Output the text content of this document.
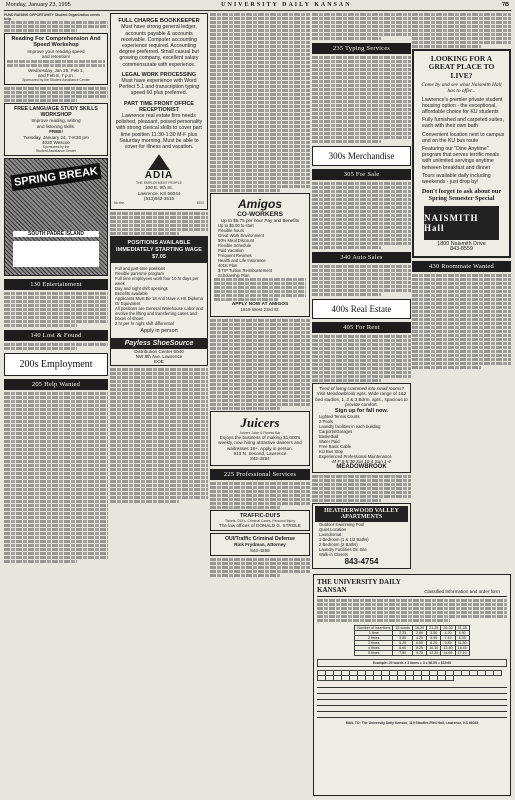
Monday, January 23, 1995	UNIVERSITY DAILY KANSAN	7B
FUND RAISING OPPORTUNITY Student Organization needs help.
Reading For Comprehension And Speed Workshop
Improve your reading speed
and retention!
Wednesday, Jan 25, Feb 1,
and Feb 8, 7 p.m.
Sponsored by the Student Assistance Center
FREE LANGUAGE STUDY SKILLS WORKSHOP
Improve reading, writing
and listening skills.
FREE!
Tuesday, January 24, 7-8:30 pm
4020 Wescoe
Sponsored by the
Student Assistance Center
SPRING BREAK
SOUTH PADRE ISLAND
130 Entertainment
140 Lost & Found
200s Employment
205 Help Wanted
FULL CHARGE BOOKKEEPER
Must have strong general ledger, accounts payable & accounts receivable. Computer accounting experience required. Accounting degree preferred. Small casual but growing company, excellent salary commensurate with experience.
LEGAL WORK PROCESSING
Must have experience with Word Perfect 5.1 and transcription typing speed 60 plus preferred.
PART TIME FRONT OFFICE RECEPTIONIST
Lawrence real estate firm needs polished, pleasant, poised personality with strong clerical skills to cover part time position 11:30-1:30 M-F plus Saturday morning. Must be able to cover for illness and vacation.
ADIA
THE EMPLOYMENT PEOPLE
100 E. 9th St.
Lawrence, KS 66044
(913)842-1515
No fee.	EEO
POSITIONS AVAILABLE IMMEDIATELY STARTING WAGE $7.05
Full and part-time positions
Flexible part-time program
Full time employees work four 10 hr days per week
Day and night shift openings
Benefits available
Applicants Must Be 18 And Have A HS Diploma Or Equivalent
All positions are General Warehouse Labor and involve the lifting and transferring cases and boxes of shoes
2 hr per hr night shift differential
Apply in person
Payless ShoeSource
Distribution Center 5040
NW 8th Ave. Lawrence
EOE
Amigos
CO-WORKERS
Up to $5.75 per hour Pay and Benefits
Up to $5.00 to start
Flexible hours
Great Work Environment
50% Meal Discount
Flexible Schedule
Paid Vacation
Frequent Reviews
Health and Life Insurance
401K Plan
$ TIP Tuition Reimbursement
Scholarship Plan
APPLY NOW AT AMIGOS
1819 West 23rd St.
Juicers
Juicers Juice & Fitness Bar
Enjoys the business of making $1,000's weekly, now hiring attractive dancers and waitresses 18+. Apply in person.
913 N. Second, Lawrence
842-3354
225 Professional Services
TRAFFIC-DUI'S
Tickets, DUI's, Criminal Cases, Personal Injury
The law offices of DONALD G. STROLE
OUI/Traffic Criminal Defense
Rick Frydman, Attorney
843-4258
235 Typing Services
300s Merchandise
305 For Sale
340 Auto Sales
400s Real Estate
405 For Rent
Tired of living crammed into small rooms?
Visit Meadowbrook Apts. Wide range of 1&2 bed studios, 1, 2 & 3 Bdrm. apts., spacious to provide comfort.
Sign up for fall now.
Lighted Tennis Courts
2 Pools
Laundry facilities in each building
Carports/Garages
Basketball
Water Paid
Free Basic Cable
KU Bus Stop
Experienced Professional Maintenance
M-F 8-5:30 Sat 10-4 Sun 1-4
MEADOWBROOK
HEATHERWOOD VALLEY APARTMENTS
Outdoor Swimming Pool
Quiet Location
Laundromat
1 Bedroom (1 & 1/2 Baths)
2 Bedroom (2 Baths)
Laundry Facilities On Site
Walk-in Closets
843-4754
LOOKING FOR A GREAT PLACE TO LIVE?
Come by and see what Naismith Hall has to offer...
Lawrence's premier private student housing option - the exceptional, affordable choice for KU students
Fully furnished and carpeted suites, each with their own bath
Convenient location next to campus and on the KU bus route
Featuring our "Dine Anytime" program that serves terrific meals with unlimited servings anytime between breakfast and dinner
Tours available daily including weekends - just drop by!
Don't forget to ask about our Spring Semester Special
NAISMITH Hall
1800 Naismith Drive
843-8559
430 Roommate Wanted
THE UNIVERSITY DAILY KANSAN	Classified Information and order form
Number of insertions	15 words	16-20	21-25	26-30	31-35
1 time	2.25	2.80	3.50	4.20	4.90
2 times	3.80	4.75	5.95	7.15	8.35
3 times	5.25	6.55	8.20	9.85	11.50
4 times	6.60	8.25	10.30	12.40	14.45
5 times	7.80	9.75	12.20	14.65	17.10
Example: 20 words x 3 times = 3 x $6.55 = $19.65
MAIL TO: The University Daily Kansan, 119 Stauffer-Flint Hall, Lawrence, KS 66045
